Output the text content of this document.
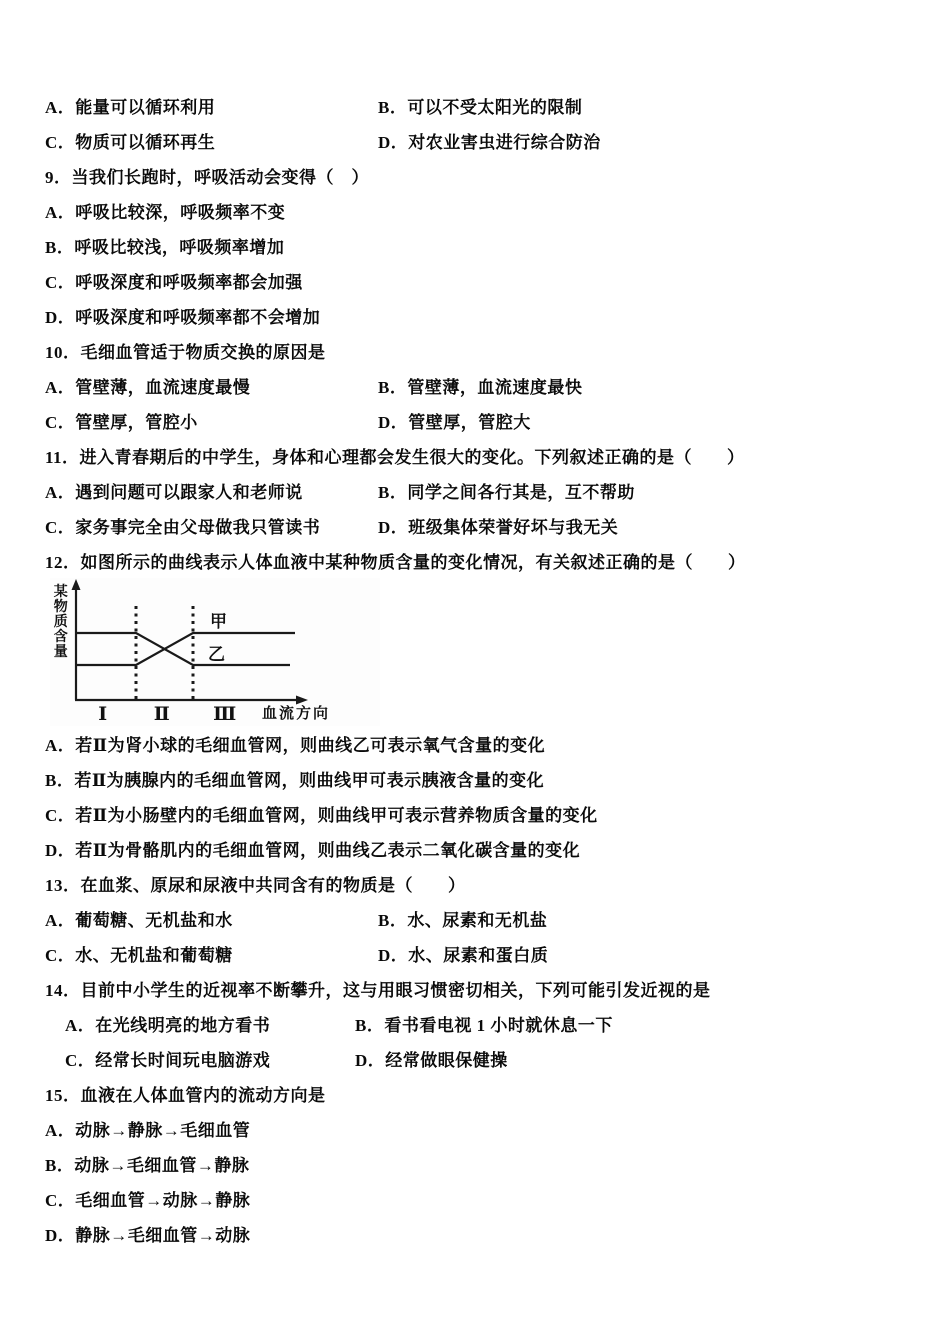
A．能量可以循环利用	B．可以不受太阳光的限制
C．物质可以循环再生	D．对农业害虫进行综合防治
9．当我们长跑时，呼吸活动会变得（　）
A．呼吸比较深，呼吸频率不变
B．呼吸比较浅，呼吸频率增加
C．呼吸深度和呼吸频率都会加强
D．呼吸深度和呼吸频率都不会增加
10．毛细血管适于物质交换的原因是
A．管壁薄，血流速度最慢	B．管壁薄，血流速度最快
C．管壁厚，管腔小	D．管壁厚，管腔大
11．进入青春期后的中学生，身体和心理都会发生很大的变化。下列叙述正确的是（　　）
A．遇到问题可以跟家人和老师说	B．同学之间各行其是，互不帮助
C．家务事完全由父母做我只管读书	D．班级集体荣誉好坏与我无关
12．如图所示的曲线表示人体血液中某种物质含量的变化情况，有关叙述正确的是（　　）
某
物
质
含
量
甲
乙
Ⅰ Ⅱ Ⅲ 血流方向
A．若Ⅱ为肾小球的毛细血管网，则曲线乙可表示氧气含量的变化
B．若Ⅱ为胰腺内的毛细血管网，则曲线甲可表示胰液含量的变化
C．若Ⅱ为小肠壁内的毛细血管网，则曲线甲可表示营养物质含量的变化
D．若Ⅱ为骨骼肌内的毛细血管网，则曲线乙表示二氧化碳含量的变化
13．在血浆、原尿和尿液中共同含有的物质是（　　）
A．葡萄糖、无机盐和水	B．水、尿素和无机盐
C．水、无机盐和葡萄糖	D．水、尿素和蛋白质
14．目前中小学生的近视率不断攀升，这与用眼习惯密切相关，下列可能引发近视的是
A．在光线明亮的地方看书	B．看书看电视 1 小时就休息一下
C．经常长时间玩电脑游戏	D．经常做眼保健操
15．血液在人体血管内的流动方向是
A．动脉→静脉→毛细血管
B．动脉→毛细血管→静脉
C．毛细血管→动脉→静脉
D．静脉→毛细血管→动脉
